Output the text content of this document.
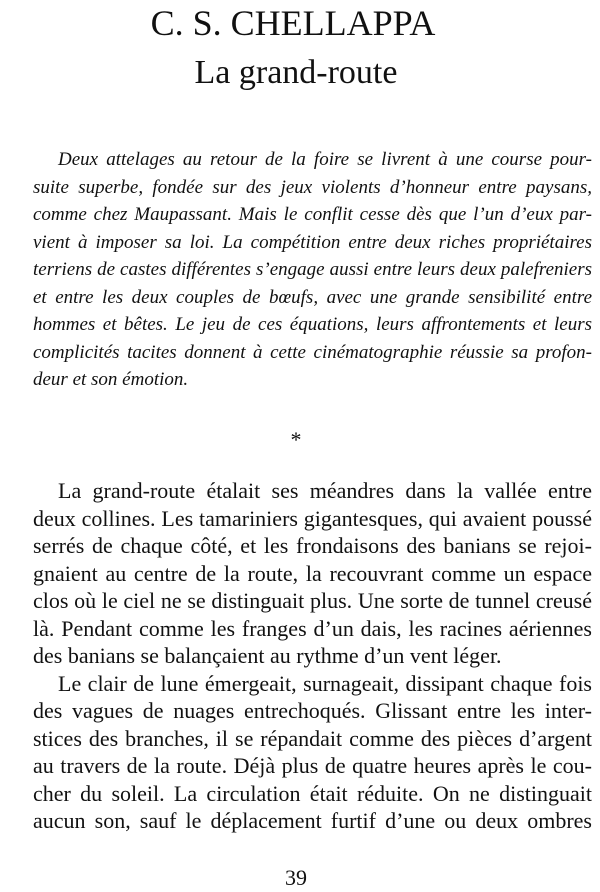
C. S. CHELLAPPA
La grand-route
Deux attelages au retour de la foire se livrent à une course pour-
suite superbe, fondée sur des jeux violents d’honneur entre paysans,
comme chez Maupassant. Mais le conflit cesse dès que l’un d’eux par-
vient à imposer sa loi. La compétition entre deux riches propriétaires
terriens de castes différentes s’engage aussi entre leurs deux palefreniers
et entre les deux couples de bœufs, avec une grande sensibilité entre
hommes et bêtes. Le jeu de ces équations, leurs affrontements et leurs
complicités tacites donnent à cette cinématographie réussie sa profon-
deur et son émotion.
*
La grand-route étalait ses méandres dans la vallée entre
deux collines. Les tamariniers gigantesques, qui avaient poussé
serrés de chaque côté, et les frondaisons des banians se rejoi-
gnaient au centre de la route, la recouvrant comme un espace
clos où le ciel ne se distinguait plus. Une sorte de tunnel creusé
là. Pendant comme les franges d’un dais, les racines aériennes
des banians se balançaient au rythme d’un vent léger.
Le clair de lune émergeait, surnageait, dissipant chaque fois
des vagues de nuages entrechoqués. Glissant entre les inter-
stices des branches, il se répandait comme des pièces d’argent
au travers de la route. Déjà plus de quatre heures après le cou-
cher du soleil. La circulation était réduite. On ne distinguait
aucun son, sauf le déplacement furtif d’une ou deux ombres
39
